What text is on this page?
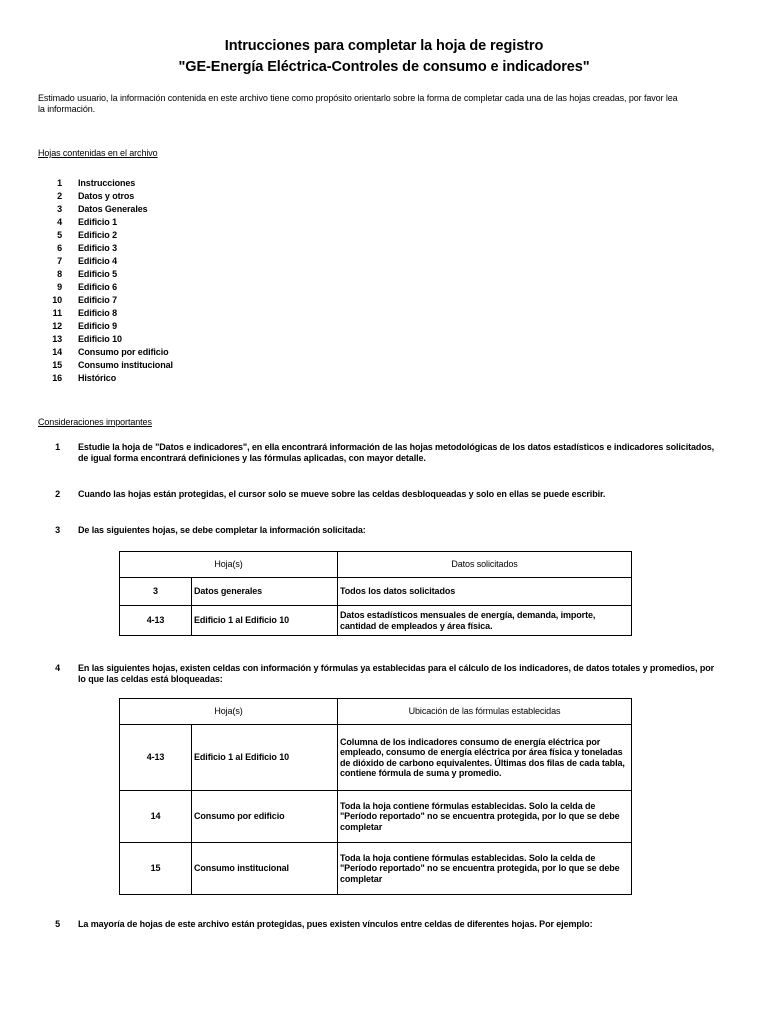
Intrucciones para completar la hoja de registro
"GE-Energía Eléctrica-Controles de consumo e indicadores"
Estimado usuario, la información contenida en este archivo tiene como propósito orientarlo sobre la forma de completar cada una de las hojas creadas, por favor lea la información.
Hojas contenidas en el archivo
1 Instrucciones
2 Datos y otros
3 Datos Generales
4 Edificio 1
5 Edificio 2
6 Edificio 3
7 Edificio 4
8 Edificio 5
9 Edificio 6
10 Edificio 7
11 Edificio 8
12 Edificio 9
13 Edificio 10
14 Consumo por edificio
15 Consumo institucional
16 Histórico
Consideraciones importantes
1 Estudie la hoja de "Datos e indicadores", en ella encontrará información de las hojas metodológicas de los datos estadísticos e indicadores solicitados, de igual forma encontrará definiciones y las fórmulas aplicadas, con mayor detalle.
2 Cuando las hojas están protegidas, el cursor solo se mueve sobre las celdas desbloqueadas y solo en ellas se puede escribir.
3 De las siguientes hojas, se debe completar la información solicitada:
Hoja(s)		Datos solicitados
3	Datos generales	Todos los datos solicitados
4-13	Edificio 1 al Edificio 10	Datos estadísticos mensuales de energía, demanda, importe, cantidad de empleados y área física.
4 En las siguientes hojas, existen celdas con información y fórmulas ya establecidas para el cálculo de los indicadores, de datos totales y promedios, por lo que las celdas está bloqueadas:
Hoja(s)		Ubicación de las fórmulas establecidas
4-13	Edificio 1 al Edificio 10	Columna de los indicadores consumo de energía eléctrica por empleado, consumo de energía eléctrica por área física y toneladas de dióxido de carbono equivalentes. Últimas dos filas de cada tabla, contiene fórmula de suma y promedio.
14	Consumo por edificio	Toda la hoja contiene fórmulas establecidas. Solo la celda de "Período reportado" no se encuentra protegida, por lo que se debe completar
15	Consumo institucional	Toda la hoja contiene fórmulas establecidas. Solo la celda de "Período reportado" no se encuentra protegida, por lo que se debe completar
5 La mayoría de hojas de este archivo están protegidas, pues existen vínculos entre celdas de diferentes hojas. Por ejemplo:
